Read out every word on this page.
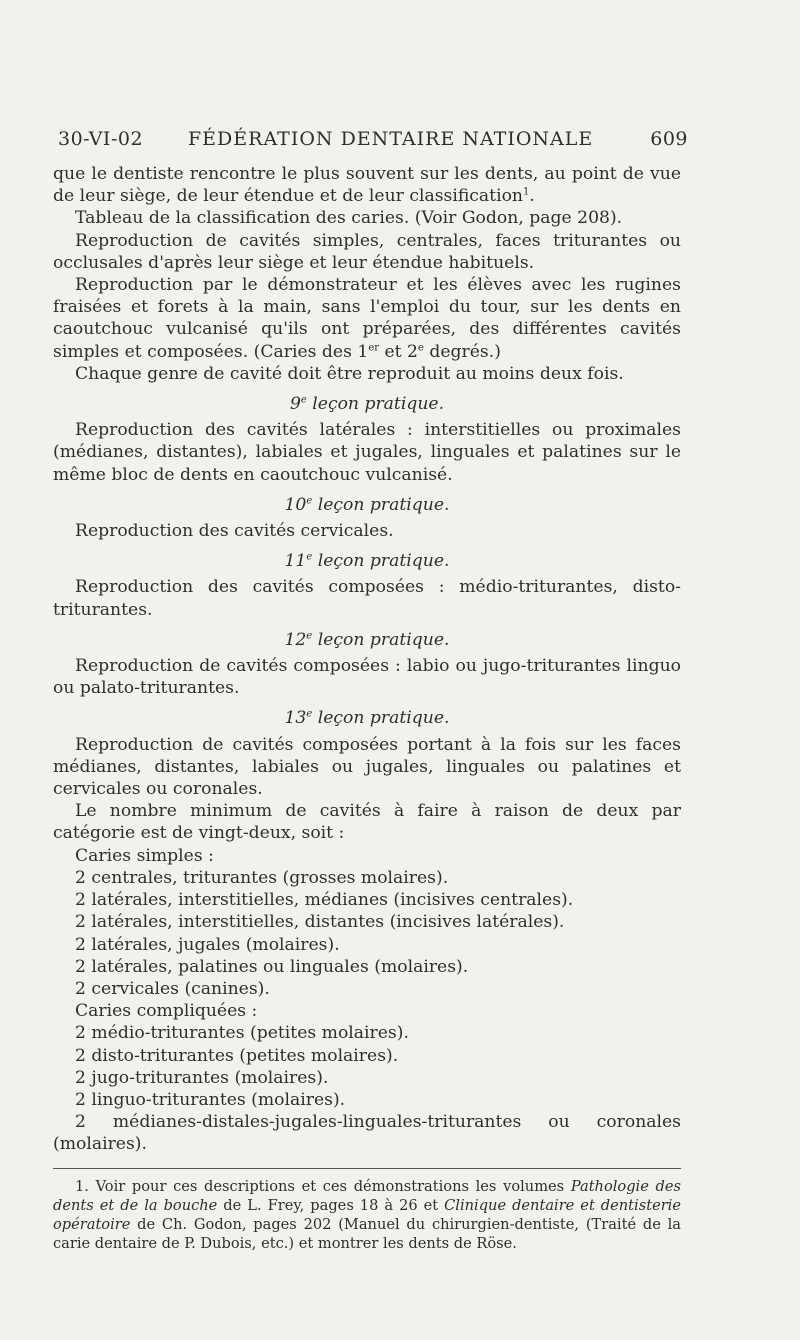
30-VI-02 FÉDÉRATION DENTAIRE NATIONALE	609

que le dentiste rencontre le plus souvent sur les dents, au point de vue de leur siège, de leur étendue et de leur classification$^1$.

Tableau de la classification des caries. (Voir Godon, page 208).

Reproduction de cavités simples, centrales, faces triturantes ou occlusales d'après leur siège et leur étendue habituels.

Reproduction par le démonstrateur et les élèves avec les rugines fraisées et forets à la main, sans l'emploi du tour, sur les dents en caoutchouc vulcanisé qu'ils ont préparées, des différentes cavités simples et composées. (Caries des 1er et 2e degrés.)

Chaque genre de cavité doit être reproduit au moins deux fois.

9e leçon pratique.

Reproduction des cavités latérales : interstitielles ou proximales (médianes, distantes), labiales et jugales, linguales et palatines sur le même bloc de dents en caoutchouc vulcanisé.

10e leçon pratique.

Reproduction des cavités cervicales.

11e leçon pratique.

Reproduction des cavités composées : médio-triturantes, disto-triturantes.

12e leçon pratique.

Reproduction de cavités composées : labio ou jugo-triturantes linguo ou palato-triturantes.

13e leçon pratique.

Reproduction de cavités composées portant à la fois sur les faces médianes, distantes, labiales ou jugales, linguales ou palatines et cervicales ou coronales.

Le nombre minimum de cavités à faire à raison de deux par catégorie est de vingt-deux, soit :

Caries simples :

2 centrales, triturantes (grosses molaires).

2 latérales, interstitielles, médianes (incisives centrales).

2 latérales, interstitielles, distantes (incisives latérales).

2 latérales, jugales (molaires).

2 latérales, palatines ou linguales (molaires).

2 cervicales (canines).

Caries compliquées :

2 médio-triturantes (petites molaires).

2 disto-triturantes (petites molaires).

2 jugo-triturantes (molaires).

2 linguo-triturantes (molaires).

2 médianes-distales-jugales-linguales-triturantes ou coronales (molaires).

1. Voir pour ces descriptions et ces démonstrations les volumes Pathologie des dents et de la bouche de L. Frey, pages 18 à 26 et Clinique dentaire et dentisterie opératoire de Ch. Godon, pages 202 (Manuel du chirurgien-dentiste, (Traité de la carie dentaire de P. Dubois, etc.) et montrer les dents de Röse.
